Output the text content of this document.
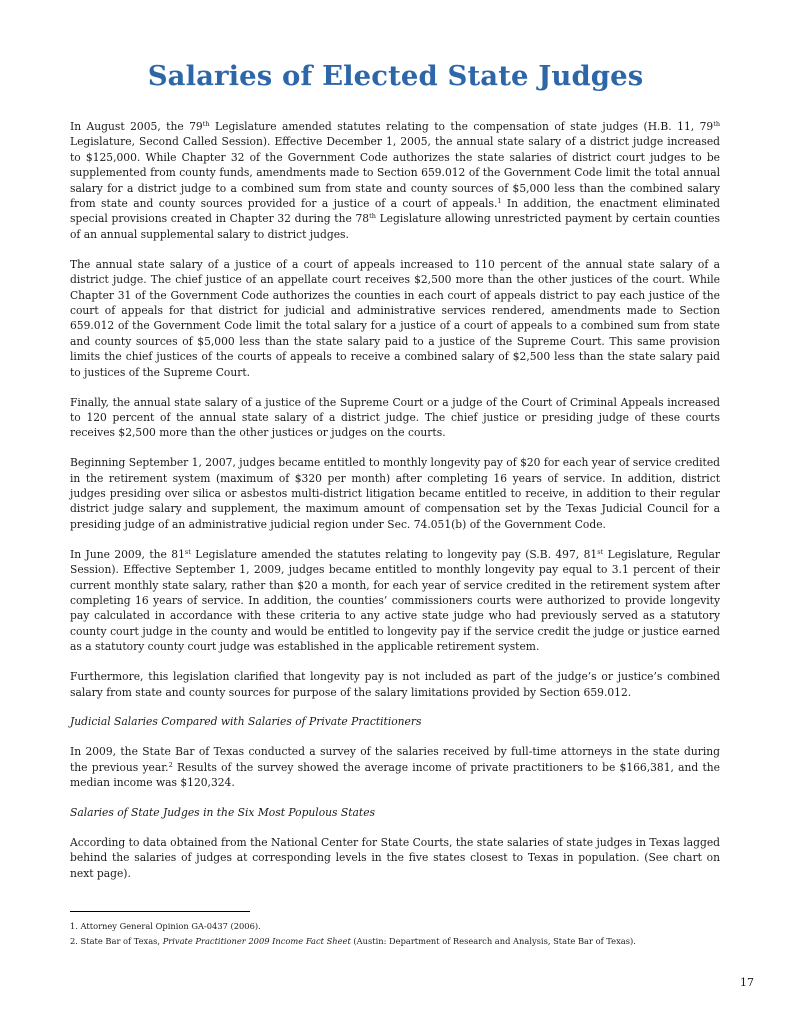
Salaries of Elected State Judges

In August 2005, the 79th Legislature amended statutes relating to the compensation of state judges (H.B. 11, 79th Legislature, Second Called Session). Effective December 1, 2005, the annual state salary of a district judge increased to $125,000. While Chapter 32 of the Government Code authorizes the state salaries of district court judges to be supplemented from county funds, amendments made to Section 659.012 of the Government Code limit the total annual salary for a district judge to a combined sum from state and county sources of $5,000 less than the combined salary from state and county sources provided for a justice of a court of appeals.$^1$ In addition, the enactment eliminated special provisions created in Chapter 32 during the 78th Legislature allowing unrestricted payment by certain counties of an annual supplemental salary to district judges.

The annual state salary of a justice of a court of appeals increased to 110 percent of the annual state salary of a district judge. The chief justice of an appellate court receives $2,500 more than the other justices of the court. While Chapter 31 of the Government Code authorizes the counties in each court of appeals district to pay each justice of the court of appeals for that district for judicial and administrative services rendered, amendments made to Section 659.012 of the Government Code limit the total salary for a justice of a court of appeals to a combined sum from state and county sources of $5,000 less than the state salary paid to a justice of the Supreme Court. This same provision limits the chief justices of the courts of appeals to receive a combined salary of $2,500 less than the state salary paid to justices of the Supreme Court.

Finally, the annual state salary of a justice of the Supreme Court or a judge of the Court of Criminal Appeals increased to 120 percent of the annual state salary of a district judge. The chief justice or presiding judge of these courts receives $2,500 more than the other justices or judges on the courts.

Beginning September 1, 2007, judges became entitled to monthly longevity pay of $20 for each year of service credited in the retirement system (maximum of $320 per month) after completing 16 years of service. In addition, district judges presiding over silica or asbestos multi-district litigation became entitled to receive, in addition to their regular district judge salary and supplement, the maximum amount of compensation set by the Texas Judicial Council for a presiding judge of an administrative judicial region under Sec. 74.051(b) of the Government Code.

In June 2009, the 81st Legislature amended the statutes relating to longevity pay (S.B. 497, 81st Legislature, Regular Session). Effective September 1, 2009, judges became entitled to monthly longevity pay equal to 3.1 percent of their current monthly state salary, rather than $20 a month, for each year of service credited in the retirement system after completing 16 years of service. In addition, the counties’ commissioners courts were authorized to provide longevity pay calculated in accordance with these criteria to any active state judge who had previously served as a statutory county court judge in the county and would be entitled to longevity pay if the service credit the judge or justice earned as a statutory county court judge was established in the applicable retirement system.

Furthermore, this legislation clarified that longevity pay is not included as part of the judge’s or justice’s combined salary from state and county sources for purpose of the salary limitations provided by Section 659.012.

Judicial Salaries Compared with Salaries of Private Practitioners

In 2009, the State Bar of Texas conducted a survey of the salaries received by full-time attorneys in the state during the previous year.$^2$ Results of the survey showed the average income of private practitioners to be $166,381, and the median income was $120,324.

Salaries of State Judges in the Six Most Populous States

According to data obtained from the National Center for State Courts, the state salaries of state judges in Texas lagged behind the salaries of judges at corresponding levels in the five states closest to Texas in population. (See chart on next page).

1. Attorney General Opinion GA-0437 (2006).
2. State Bar of Texas, Private Practitioner 2009 Income Fact Sheet (Austin: Department of Research and Analysis, State Bar of Texas).
17
